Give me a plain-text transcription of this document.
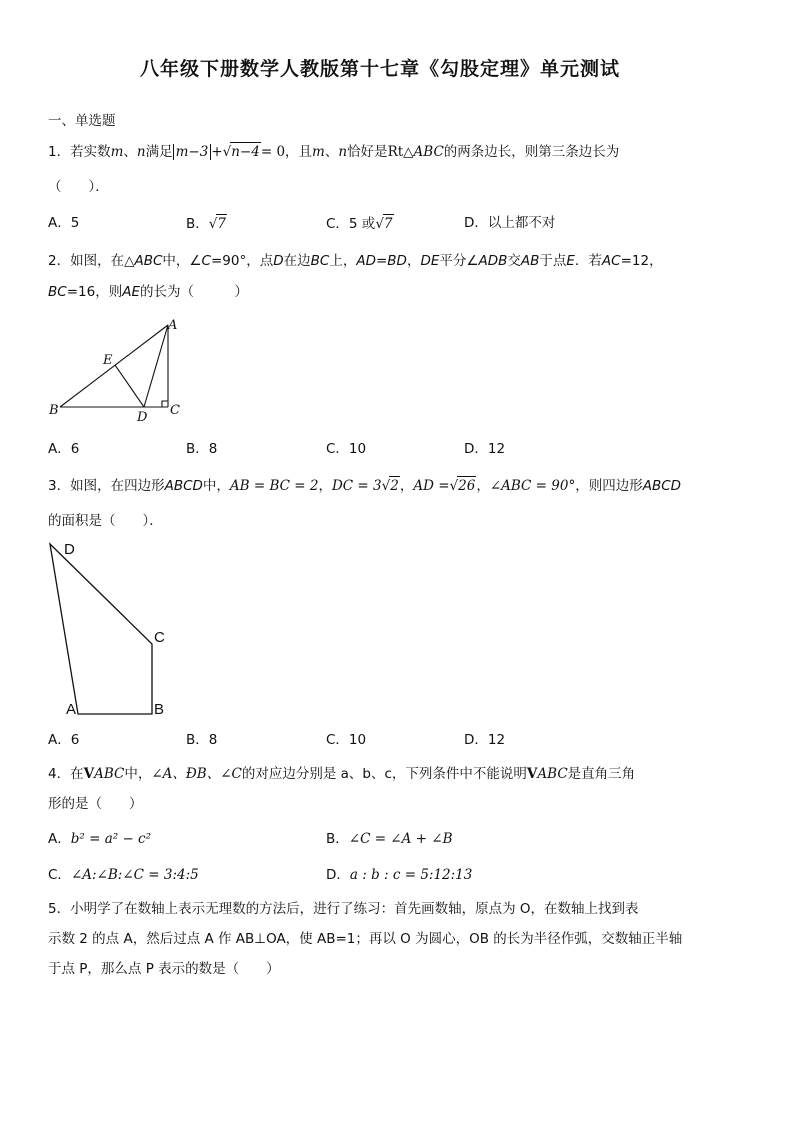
八年级下册数学人教版第十七章《勾股定理》单元测试
一、单选题
1．若实数m、n满足 m−3 +√n−4= 0，且m、n恰好是Rt△ABC的两条边长，则第三条边长为
（　　）．
A．5	B．√7	C．5 或√7	D．以上都不对
2．如图，在△ABC中，∠C=90°，点D在边BC上，AD=BD，DE平分∠ADB交AB于点E．若AC=12，
BC=16，则AE的长为（　　　）
A
B	C
D
E
A．6	B．8	C．10	D．12
3．如图，在四边形ABCD中，AB = BC = 2，DC = 3√2，AD =√26，∠ABC = 90°，则四边形ABCD
的面积是（　　）．
D
C
A	B
A．6	B．8	C．10	D．12
4．在VABC中，∠A、ÐB、∠C的对应边分别是 a、b、c，下列条件中不能说明VABC是直角三角
形的是（　　）
A．b² = a² − c²	B．∠C = ∠A + ∠B
C．∠A:∠B:∠C = 3:4:5	D．a : b : c = 5:12:13
5．小明学了在数轴上表示无理数的方法后，进行了练习：首先画数轴，原点为 O，在数轴上找到表
示数 2 的点 A，然后过点 A 作 AB⊥OA，使 AB=1；再以 O 为圆心，OB 的长为半径作弧，交数轴正半轴
于点 P，那么点 P 表示的数是（　　）
